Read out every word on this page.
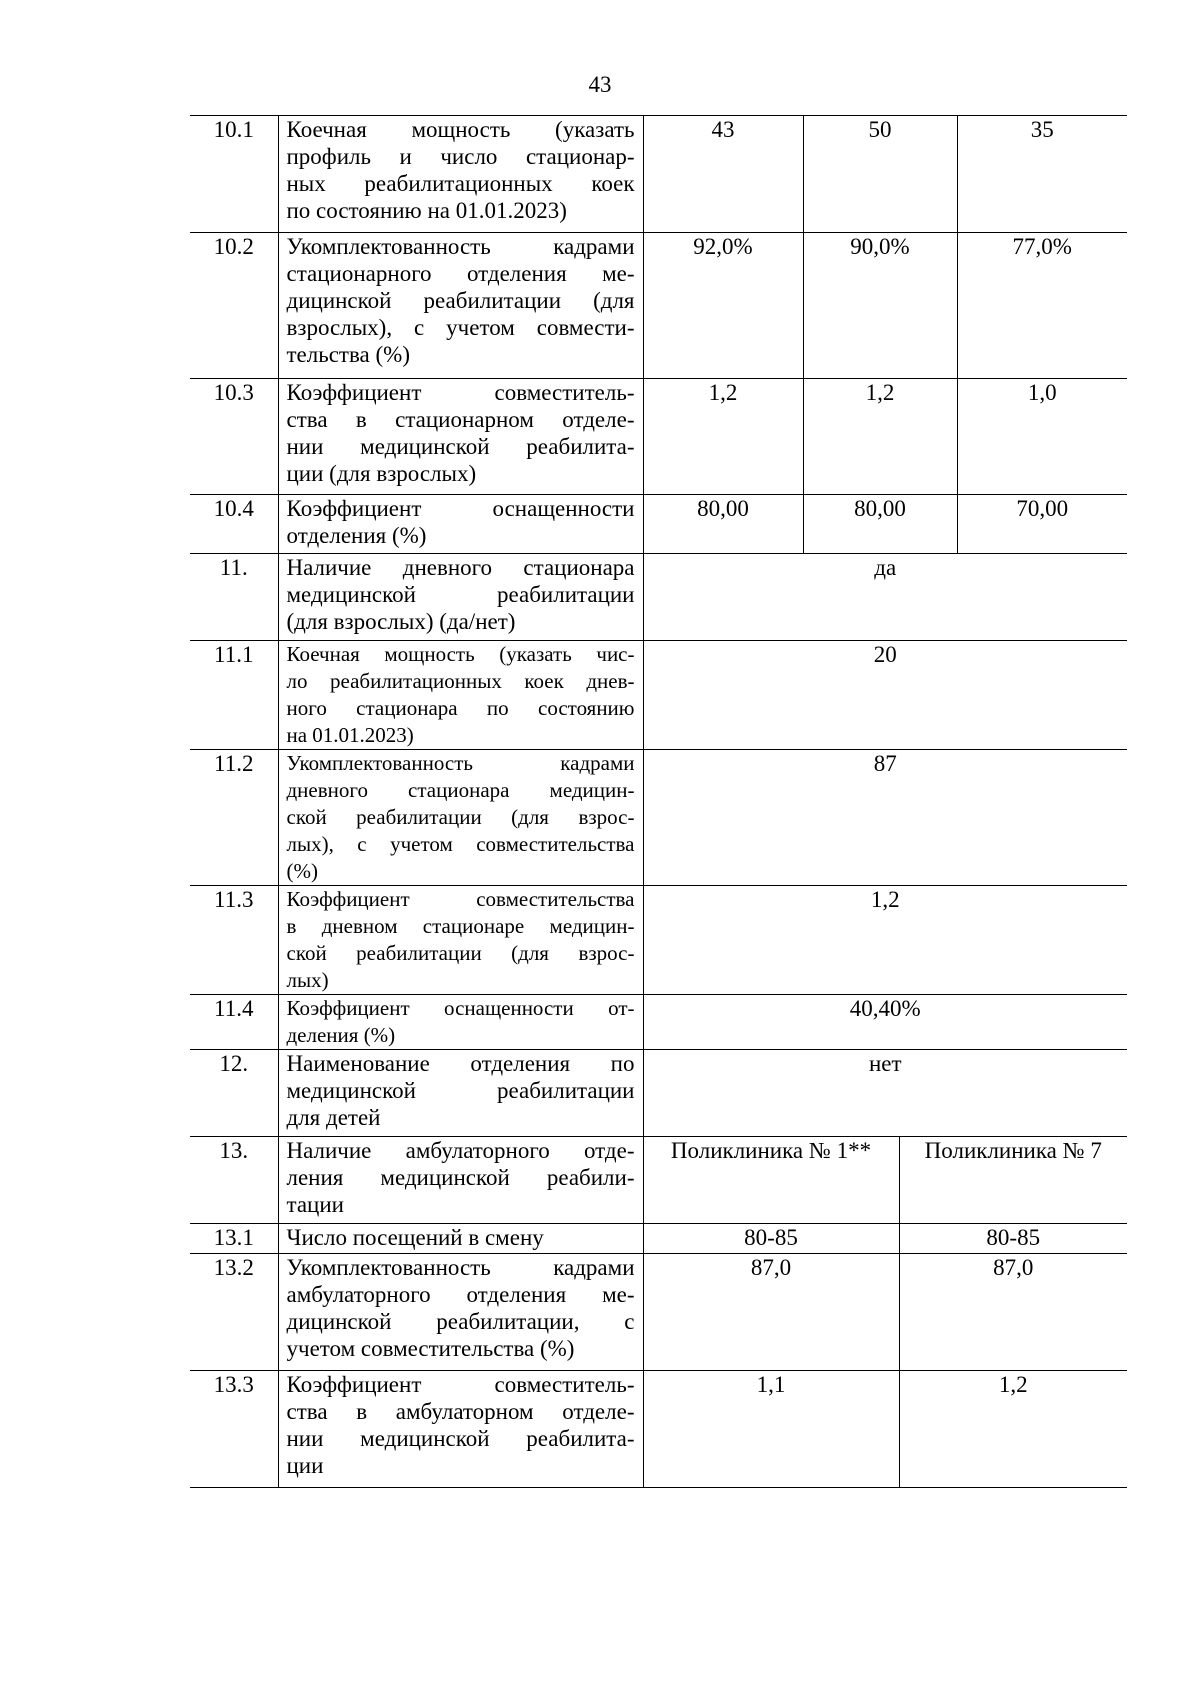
43
10.1	Коечная мощность (указать
профиль и число стационар-
ных реабилитационных коек
по состоянию на 01.01.2023)	43	50		35
10.2	Укомплектованность кадрами
стационарного отделения ме-
дицинской реабилитации (для
взрослых), с учетом совмести-
тельства (%)	92,0%	90,0%		77,0%
10.3	Коэффициент совместитель-
ства в стационарном отделе-
нии медицинской реабилита-
ции (для взрослых)	1,2	1,2		1,0
10.4	Коэффициент оснащенности
отделения (%)	80,00	80,00		70,00
11.	Наличие дневного стационара
медицинской реабилитации
(для взрослых) (да/нет)	да			
11.1	Коечная мощность (указать чис-
ло реабилитационных коек днев-
ного стационара по состоянию
на 01.01.2023)	20			
11.2	Укомплектованность кадрами
дневного стационара медицин-
ской реабилитации (для взрос-
лых), с учетом совместительства
(%)	87			
11.3	Коэффициент совместительства
в дневном стационаре медицин-
ской реабилитации (для взрос-
лых)	1,2			
11.4	Коэффициент оснащенности от-
деления (%)	40,40%			
12.	Наименование отделения по
медицинской реабилитации
для детей	нет			
13.	Наличие амбулаторного отде-
ления медицинской реабили-
тации	Поликлиника № 1**		Поликлиника № 7	
13.1	Число посещений в смену	80-85		80-85	
13.2	Укомплектованность кадрами
амбулаторного отделения ме-
дицинской реабилитации, с
учетом совместительства (%)	87,0		87,0	
13.3	Коэффициент совместитель-
ства в амбулаторном отделе-
нии медицинской реабилита-
ции	1,1		1,2	
